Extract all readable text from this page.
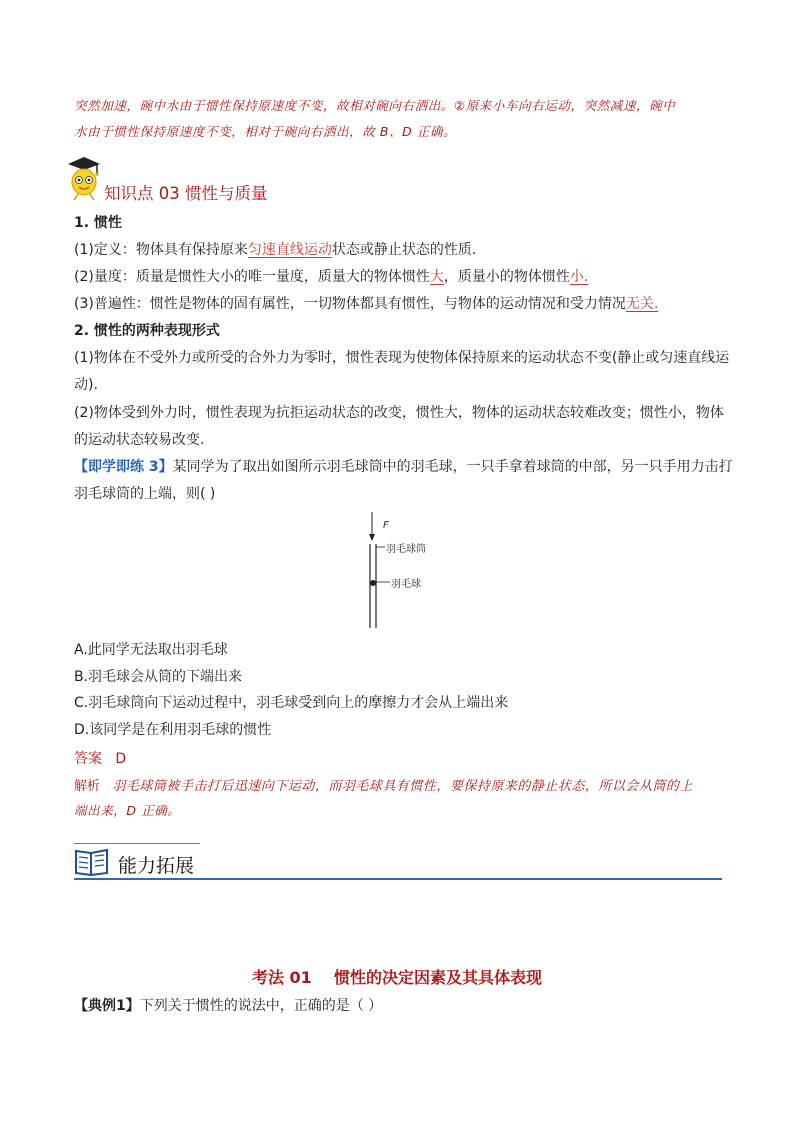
突然加速，碗中水由于惯性保持原速度不变，故相对碗向右洒出。②原来小车向右运动，突然减速，碗中
水由于惯性保持原速度不变，相对于碗向右洒出，故 B、D 正确。
知识点 03 惯性与质量
1. 惯性
(1)定义：物体具有保持原来匀速直线运动状态或静止状态的性质.
(2)量度：质量是惯性大小的唯一量度，质量大的物体惯性大，质量小的物体惯性小.
(3)普遍性：惯性是物体的固有属性，一切物体都具有惯性，与物体的运动情况和受力情况无关.
2. 惯性的两种表现形式
(1)物体在不受外力或所受的合外力为零时，惯性表现为使物体保持原来的运动状态不变(静止或匀速直线运
动).
(2)物体受到外力时，惯性表现为抗拒运动状态的改变，惯性大，物体的运动状态较难改变；惯性小，物体
的运动状态较易改变.
【即学即练 3】某同学为了取出如图所示羽毛球筒中的羽毛球，一只手拿着球筒的中部，另一只手用力击打
羽毛球筒的上端，则( )
F
羽毛球筒
羽毛球
A.此同学无法取出羽毛球
B.羽毛球会从筒的下端出来
C.羽毛球筒向下运动过程中，羽毛球受到向上的摩擦力才会从上端出来
D.该同学是在利用羽毛球的惯性
答案 D
解析 羽毛球筒被手击打后迅速向下运动，而羽毛球具有惯性，要保持原来的静止状态，所以会从筒的上
端出来，D 正确。
能力拓展
考法 01    惯性的决定因素及其具体表现
【典例1】下列关于惯性的说法中，正确的是（ ）
